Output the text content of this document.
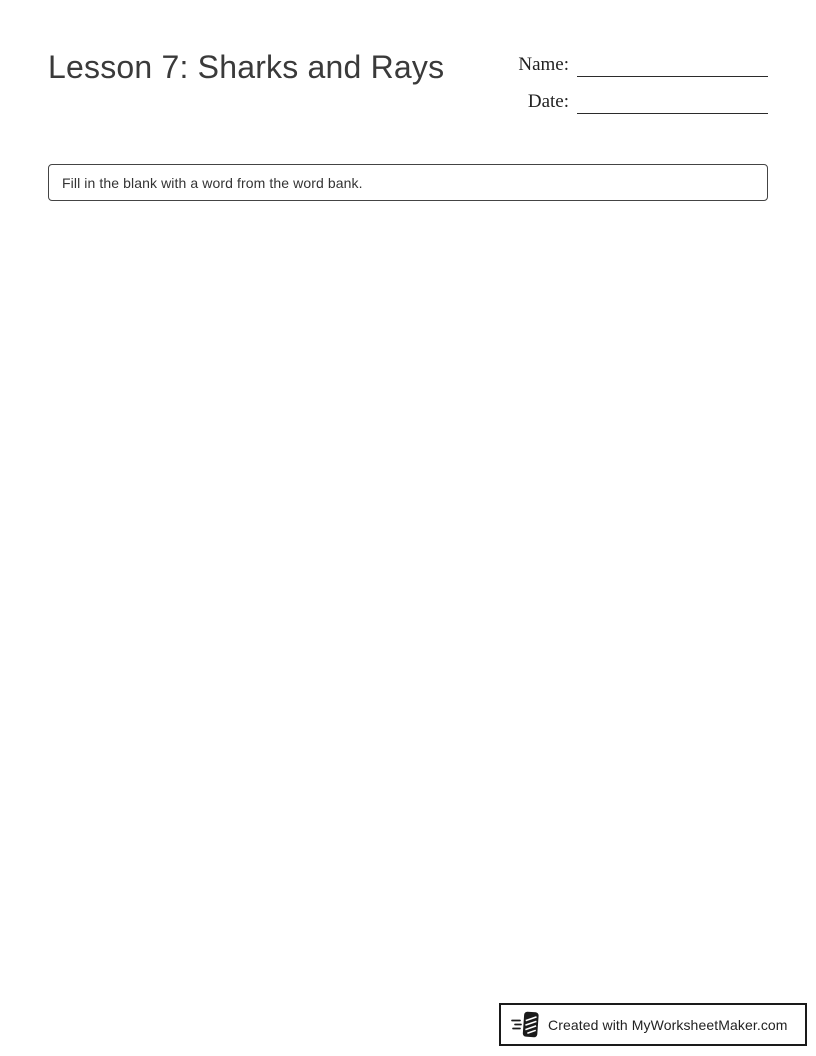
Lesson 7: Sharks and Rays	Name:
Date:
Fill in the blank with a word from the word bank.
Created with MyWorksheetMaker.com
